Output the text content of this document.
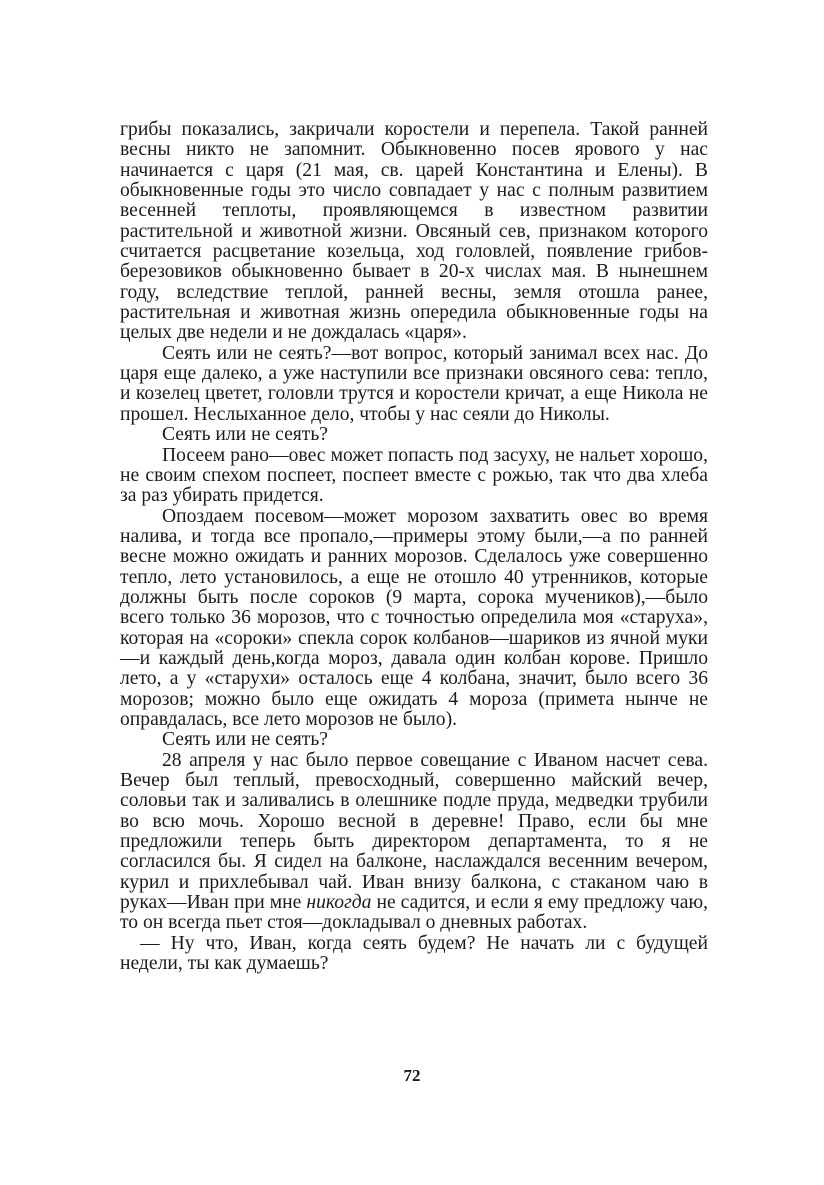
грибы показались, закричали коростели и перепела. Такой ранней весны никто не запомнит. Обыкновенно посев ярового у нас начинается с царя (21 мая, св. царей Константина и Елены). В обыкновенные годы это число совпадает у нас с полным развитием весенней теплоты, проявляющемся в известном развитии растительной и животной жизни. Овсяный сев, признаком которого считается расцветание козельца, ход головлей, появление грибов-березовиков обыкновенно бывает в 20-х числах мая. В нынешнем году, вследствие теплой, ранней весны, земля отошла ранее, растительная и животная жизнь опередила обыкновенные годы на целых две недели и не дождалась «царя».

Сеять или не сеять?—вот вопрос, который занимал всех нас. До царя еще далеко, а уже наступили все признаки овсяного сева: тепло, и козелец цветет, головли трутся и коростели кричат, а еще Никола не прошел. Неслыханное дело, чтобы у нас сеяли до Николы.

Сеять или не сеять?

Посеем рано—овес может попасть под засуху, не нальет хорошо, не своим спехом поспеет, поспеет вместе с рожью, так что два хлеба за раз убирать придется.

Опоздаем посевом—может морозом захватить овес во время налива, и тогда все пропало,—примеры этому были,—а по ранней весне можно ожидать и ранних морозов. Сделалось уже совершенно тепло, лето установилось, а еще не отошло 40 утренников, которые должны быть после сороков (9 марта, сорока мучеников),—было всего только 36 морозов, что с точностью определила моя «старуха», которая на «сороки» спекла сорок колбанов—шариков из ячной муки—и каждый день,когда мороз, давала один колбан корове. Пришло лето, а у «старухи» осталось еще 4 колбана, значит, было всего 36 морозов; можно было еще ожидать 4 мороза (примета нынче не оправдалась, все лето морозов не было).

Сеять или не сеять?

28 апреля у нас было первое совещание с Иваном насчет сева. Вечер был теплый, превосходный, совершенно майский вечер, соловьи так и заливались в олешнике подле пруда, медведки трубили во всю мочь. Хорошо весной в деревне! Право, если бы мне предложили теперь быть директором департамента, то я не согласился бы. Я сидел на балконе, наслаждался весенним вечером, курил и прихлебывал чай. Иван внизу балкона, с стаканом чаю в руках—Иван при мне никогда не садится, и если я ему предложу чаю, то он всегда пьет стоя—докладывал о дневных работах.

— Ну что, Иван, когда сеять будем? Не начать ли с будущей недели, ты как думаешь?

72
